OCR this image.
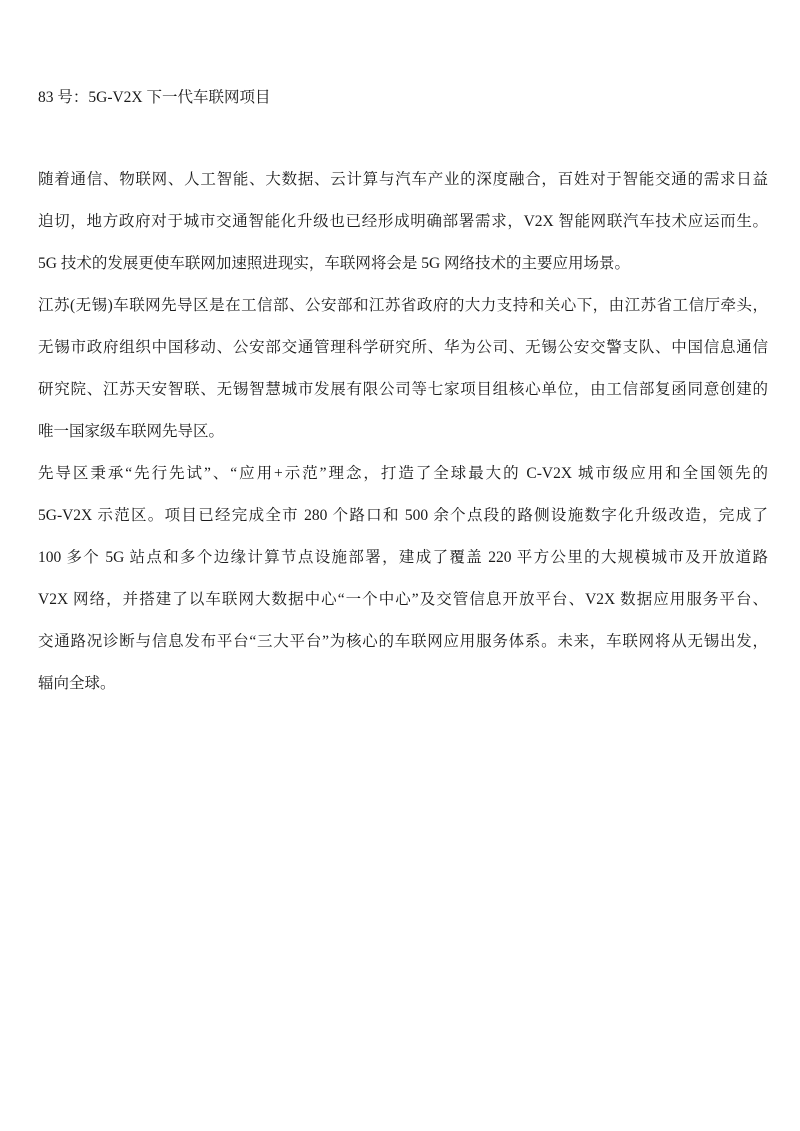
83 号：5G-V2X 下一代车联网项目
随着通信、物联网、人工智能、大数据、云计算与汽车产业的深度融合，百姓对于智能交通的需求日益
迫切，地方政府对于城市交通智能化升级也已经形成明确部署需求，V2X 智能网联汽车技术应运而生。
5G 技术的发展更使车联网加速照进现实，车联网将会是 5G 网络技术的主要应用场景。
江苏(无锡)车联网先导区是在工信部、公安部和江苏省政府的大力支持和关心下，由江苏省工信厅牵头，
无锡市政府组织中国移动、公安部交通管理科学研究所、华为公司、无锡公安交警支队、中国信息通信
研究院、江苏天安智联、无锡智慧城市发展有限公司等七家项目组核心单位，由工信部复函同意创建的
唯一国家级车联网先导区。
先导区秉承“先行先试”、“应用+示范”理念，打造了全球最大的 C-V2X 城市级应用和全国领先的
5G-V2X 示范区。项目已经完成全市 280 个路口和 500 余个点段的路侧设施数字化升级改造，完成了
100 多个 5G 站点和多个边缘计算节点设施部署，建成了覆盖 220 平方公里的大规模城市及开放道路
V2X 网络，并搭建了以车联网大数据中心“一个中心”及交管信息开放平台、V2X 数据应用服务平台、
交通路况诊断与信息发布平台“三大平台”为核心的车联网应用服务体系。未来，车联网将从无锡出发，
辐向全球。
